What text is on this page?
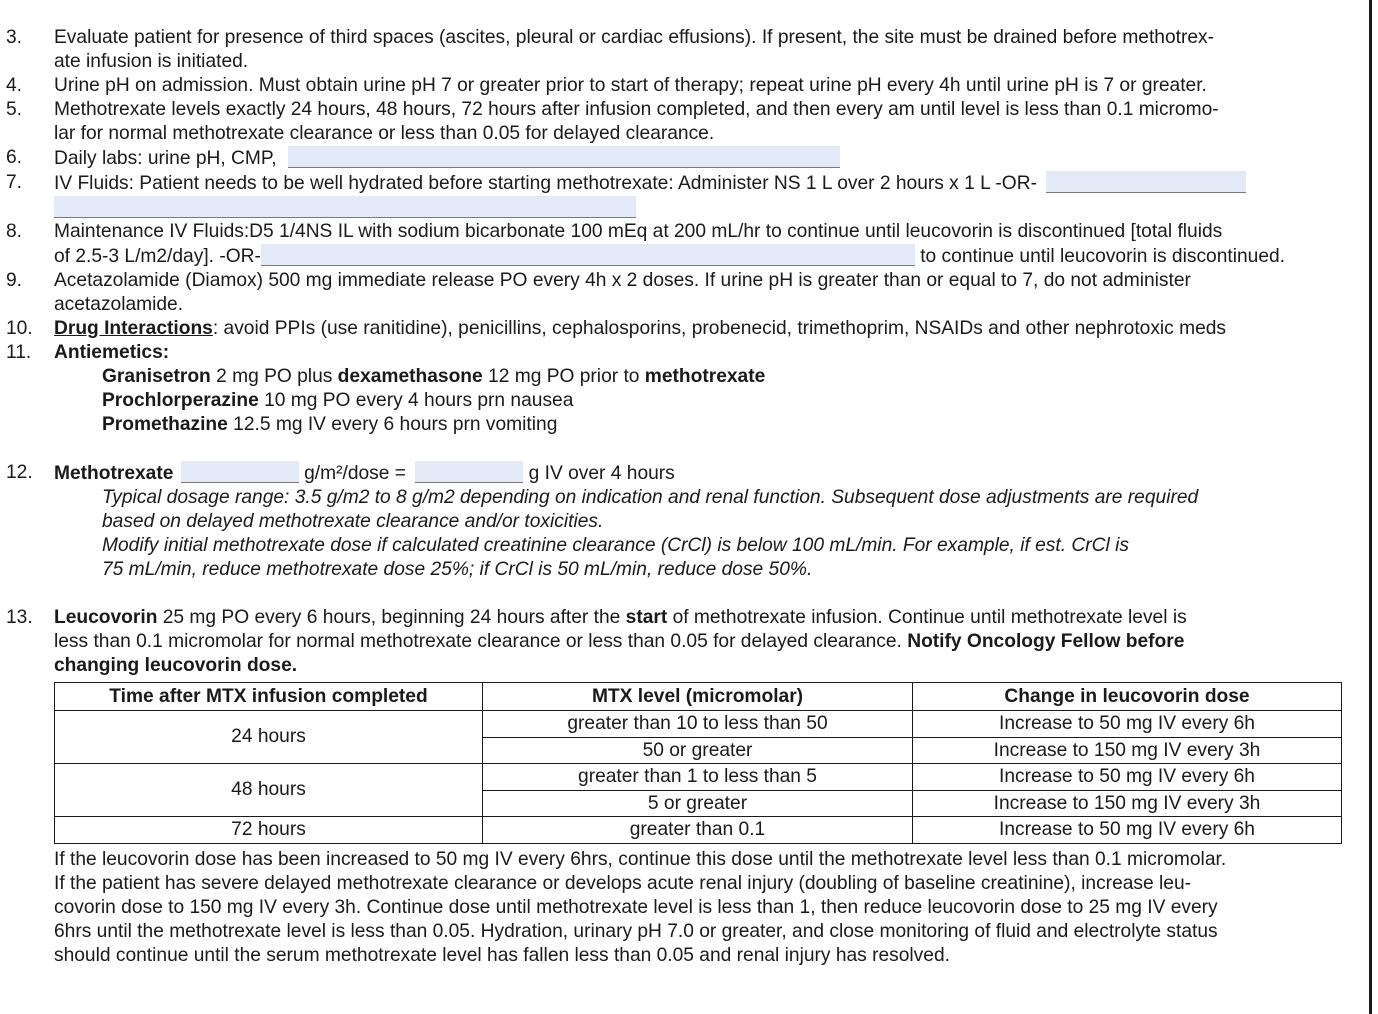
3. Evaluate patient for presence of third spaces (ascites, pleural or cardiac effusions). If present, the site must be drained before methotrex-
ate infusion is initiated.
4. Urine pH on admission. Must obtain urine pH 7 or greater prior to start of therapy; repeat urine pH every 4h until urine pH is 7 or greater.
5. Methotrexate levels exactly 24 hours, 48 hours, 72 hours after infusion completed, and then every am until level is less than 0.1 micromo-
lar for normal methotrexate clearance or less than 0.05 for delayed clearance.
6. Daily labs: urine pH, CMP,
7. IV Fluids: Patient needs to be well hydrated before starting methotrexate: Administer NS 1 L over 2 hours x 1 L -OR-
8. Maintenance IV Fluids:D5 1/4NS IL with sodium bicarbonate 100 mEq at 200 mL/hr to continue until leucovorin is discontinued [total fluids
of 2.5-3 L/m2/day]. -OR-	to continue until leucovorin is discontinued.
9. Acetazolamide (Diamox) 500 mg immediate release PO every 4h x 2 doses. If urine pH is greater than or equal to 7, do not administer
acetazolamide.
10. Drug Interactions: avoid PPIs (use ranitidine), penicillins, cephalosporins, probenecid, trimethoprim, NSAIDs and other nephrotoxic meds
11. Antiemetics:
Granisetron 2 mg PO plus dexamethasone 12 mg PO prior to methotrexate
Prochlorperazine 10 mg PO every 4 hours prn nausea
Promethazine 12.5 mg IV every 6 hours prn vomiting
12. Methotrexate	g/m²/dose =	g IV over 4 hours
Typical dosage range: 3.5 g/m2 to 8 g/m2 depending on indication and renal function. Subsequent dose adjustments are required
based on delayed methotrexate clearance and/or toxicities.
Modify initial methotrexate dose if calculated creatinine clearance (CrCl) is below 100 mL/min. For example, if est. CrCl is
75 mL/min, reduce methotrexate dose 25%; if CrCl is 50 mL/min, reduce dose 50%.
13. Leucovorin 25 mg PO every 6 hours, beginning 24 hours after the start of methotrexate infusion. Continue until methotrexate level is
less than 0.1 micromolar for normal methotrexate clearance or less than 0.05 for delayed clearance. Notify Oncology Fellow before
changing leucovorin dose.
Time after MTX infusion completed	MTX level (micromolar)	Change in leucovorin dose
24 hours	greater than 10 to less than 50	Increase to 50 mg IV every 6h
	50 or greater	Increase to 150 mg IV every 3h
48 hours	greater than 1 to less than 5	Increase to 50 mg IV every 6h
	5 or greater	Increase to 150 mg IV every 3h
72 hours	greater than 0.1	Increase to 50 mg IV every 6h
If the leucovorin dose has been increased to 50 mg IV every 6hrs, continue this dose until the methotrexate level less than 0.1 micromolar.
If the patient has severe delayed methotrexate clearance or develops acute renal injury (doubling of baseline creatinine), increase leu-
covorin dose to 150 mg IV every 3h. Continue dose until methotrexate level is less than 1, then reduce leucovorin dose to 25 mg IV every
6hrs until the methotrexate level is less than 0.05. Hydration, urinary pH 7.0 or greater, and close monitoring of fluid and electrolyte status
should continue until the serum methotrexate level has fallen less than 0.05 and renal injury has resolved.
